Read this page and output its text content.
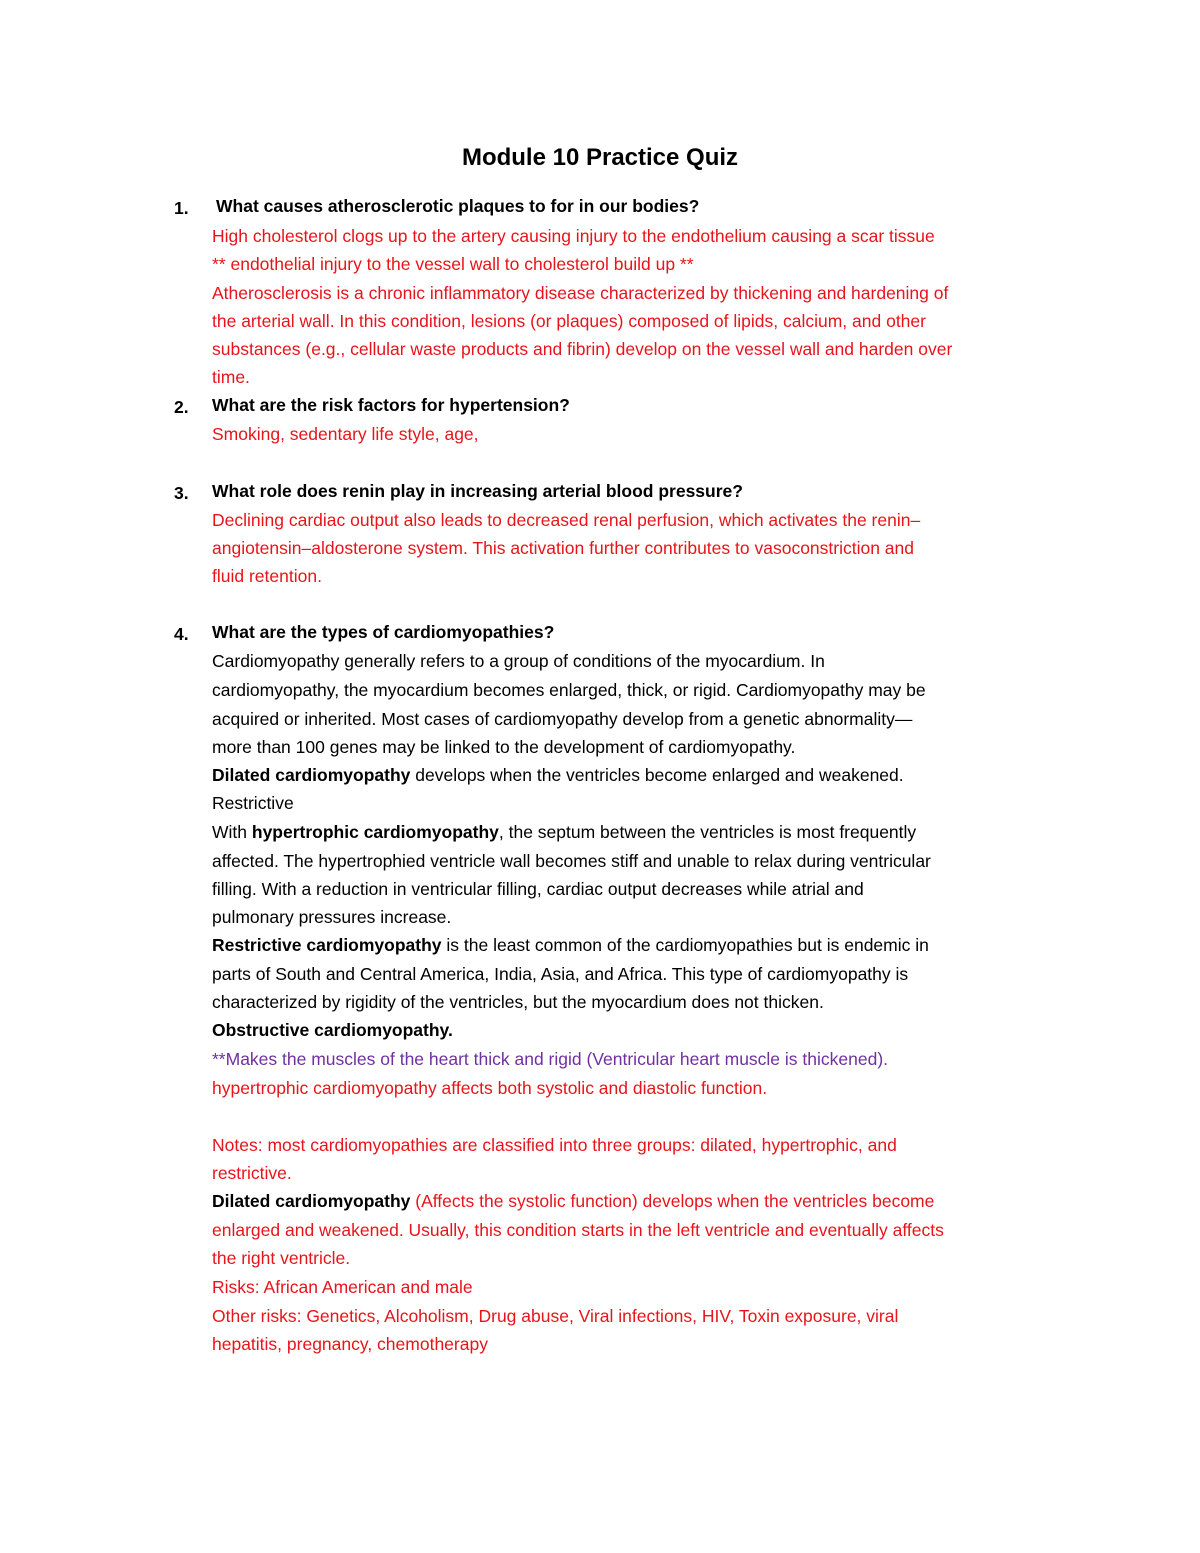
Module 10 Practice Quiz
1. What causes atherosclerotic plaques to for in our bodies?
High cholesterol clogs up to the artery causing injury to the endothelium causing a scar tissue
** endothelial injury to the vessel wall to cholesterol build up **
Atherosclerosis is a chronic inflammatory disease characterized by thickening and hardening of
the arterial wall. In this condition, lesions (or plaques) composed of lipids, calcium, and other
substances (e.g., cellular waste products and fibrin) develop on the vessel wall and harden over
time.
2. What are the risk factors for hypertension?
Smoking, sedentary life style, age,
3. What role does renin play in increasing arterial blood pressure?
Declining cardiac output also leads to decreased renal perfusion, which activates the renin–
angiotensin–aldosterone system. This activation further contributes to vasoconstriction and
fluid retention.
4. What are the types of cardiomyopathies?
Cardiomyopathy generally refers to a group of conditions of the myocardium. In
cardiomyopathy, the myocardium becomes enlarged, thick, or rigid. Cardiomyopathy may be
acquired or inherited. Most cases of cardiomyopathy develop from a genetic abnormality—
more than 100 genes may be linked to the development of cardiomyopathy.
Dilated cardiomyopathy develops when the ventricles become enlarged and weakened.
Restrictive
With hypertrophic cardiomyopathy, the septum between the ventricles is most frequently
affected. The hypertrophied ventricle wall becomes stiff and unable to relax during ventricular
filling. With a reduction in ventricular filling, cardiac output decreases while atrial and
pulmonary pressures increase.
Restrictive cardiomyopathy is the least common of the cardiomyopathies but is endemic in
parts of South and Central America, India, Asia, and Africa. This type of cardiomyopathy is
characterized by rigidity of the ventricles, but the myocardium does not thicken.
Obstructive cardiomyopathy.
**Makes the muscles of the heart thick and rigid (Ventricular heart muscle is thickened).
hypertrophic cardiomyopathy affects both systolic and diastolic function.
Notes: most cardiomyopathies are classified into three groups: dilated, hypertrophic, and
restrictive.
Dilated cardiomyopathy (Affects the systolic function) develops when the ventricles become
enlarged and weakened. Usually, this condition starts in the left ventricle and eventually affects
the right ventricle.
Risks: African American and male
Other risks: Genetics, Alcoholism, Drug abuse, Viral infections, HIV, Toxin exposure, viral
hepatitis, pregnancy, chemotherapy
